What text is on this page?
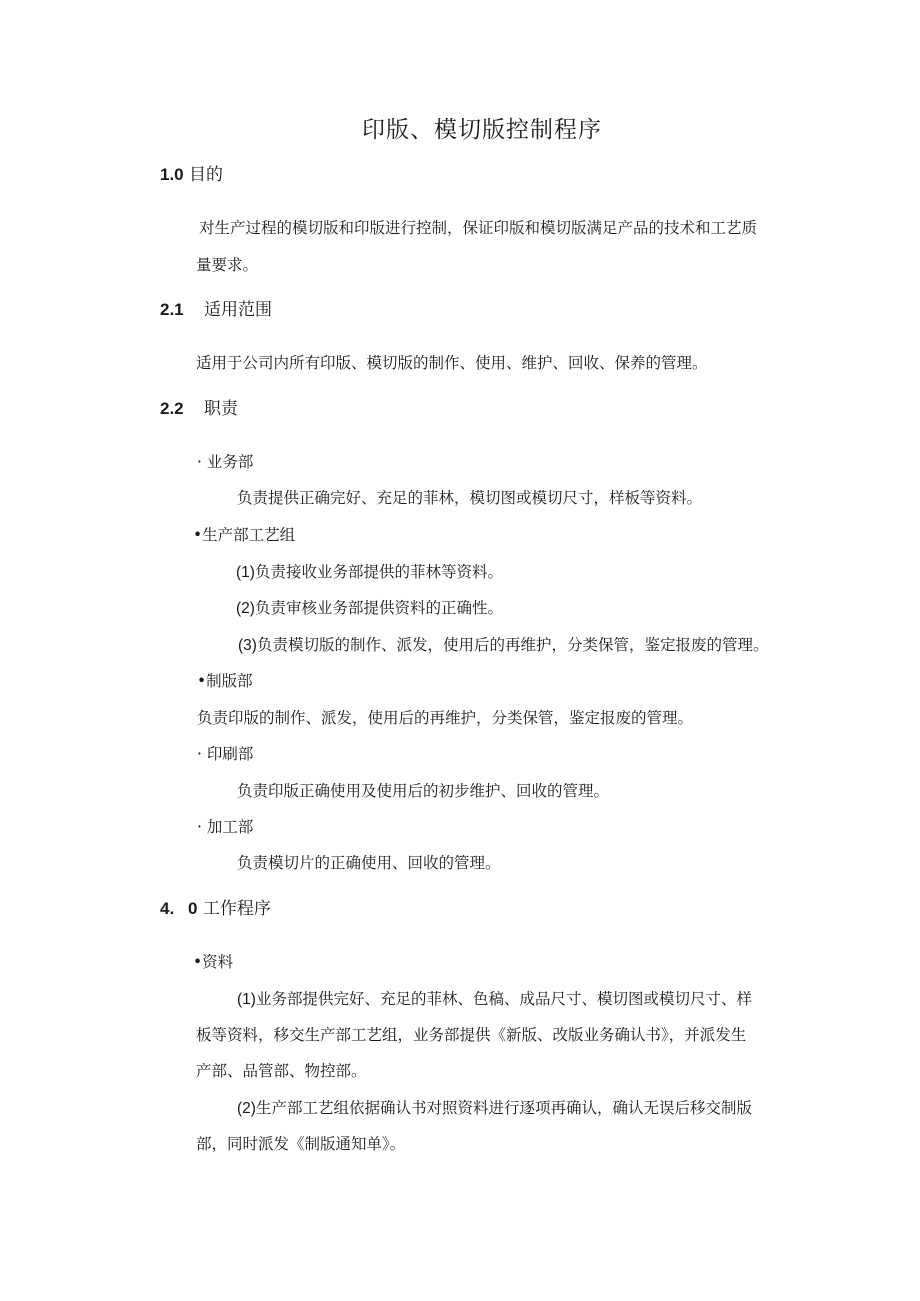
印版、模切版控制程序
1.0 目的
对生产过程的模切版和印版进行控制，保证印版和模切版满足产品的技术和工艺质
量要求。
2.1 适用范围
适用于公司内所有印版、模切版的制作、使用、维护、回收、保养的管理。
2.2 职责
· 业务部
负责提供正确完好、充足的菲林，模切图或模切尺寸，样板等资料。
•生产部工艺组
(1)负责接收业务部提供的菲林等资料。
(2)负责审核业务部提供资料的正确性。
(3)负责模切版的制作、派发，使用后的再维护，分类保管，鉴定报废的管理。
•制版部
负责印版的制作、派发，使用后的再维护，分类保管，鉴定报废的管理。
· 印刷部
负责印版正确使用及使用后的初步维护、回收的管理。
· 加工部
负责模切片的正确使用、回收的管理。
4. 0 工作程序
•资料
(1)业务部提供完好、充足的菲林、色稿、成品尺寸、模切图或模切尺寸、样
板等资料，移交生产部工艺组，业务部提供《新版、改版业务确认书》，并派发生
产部、品管部、物控部。
(2)生产部工艺组依据确认书对照资料进行逐项再确认，确认无误后移交制版
部，同时派发《制版通知单》。
